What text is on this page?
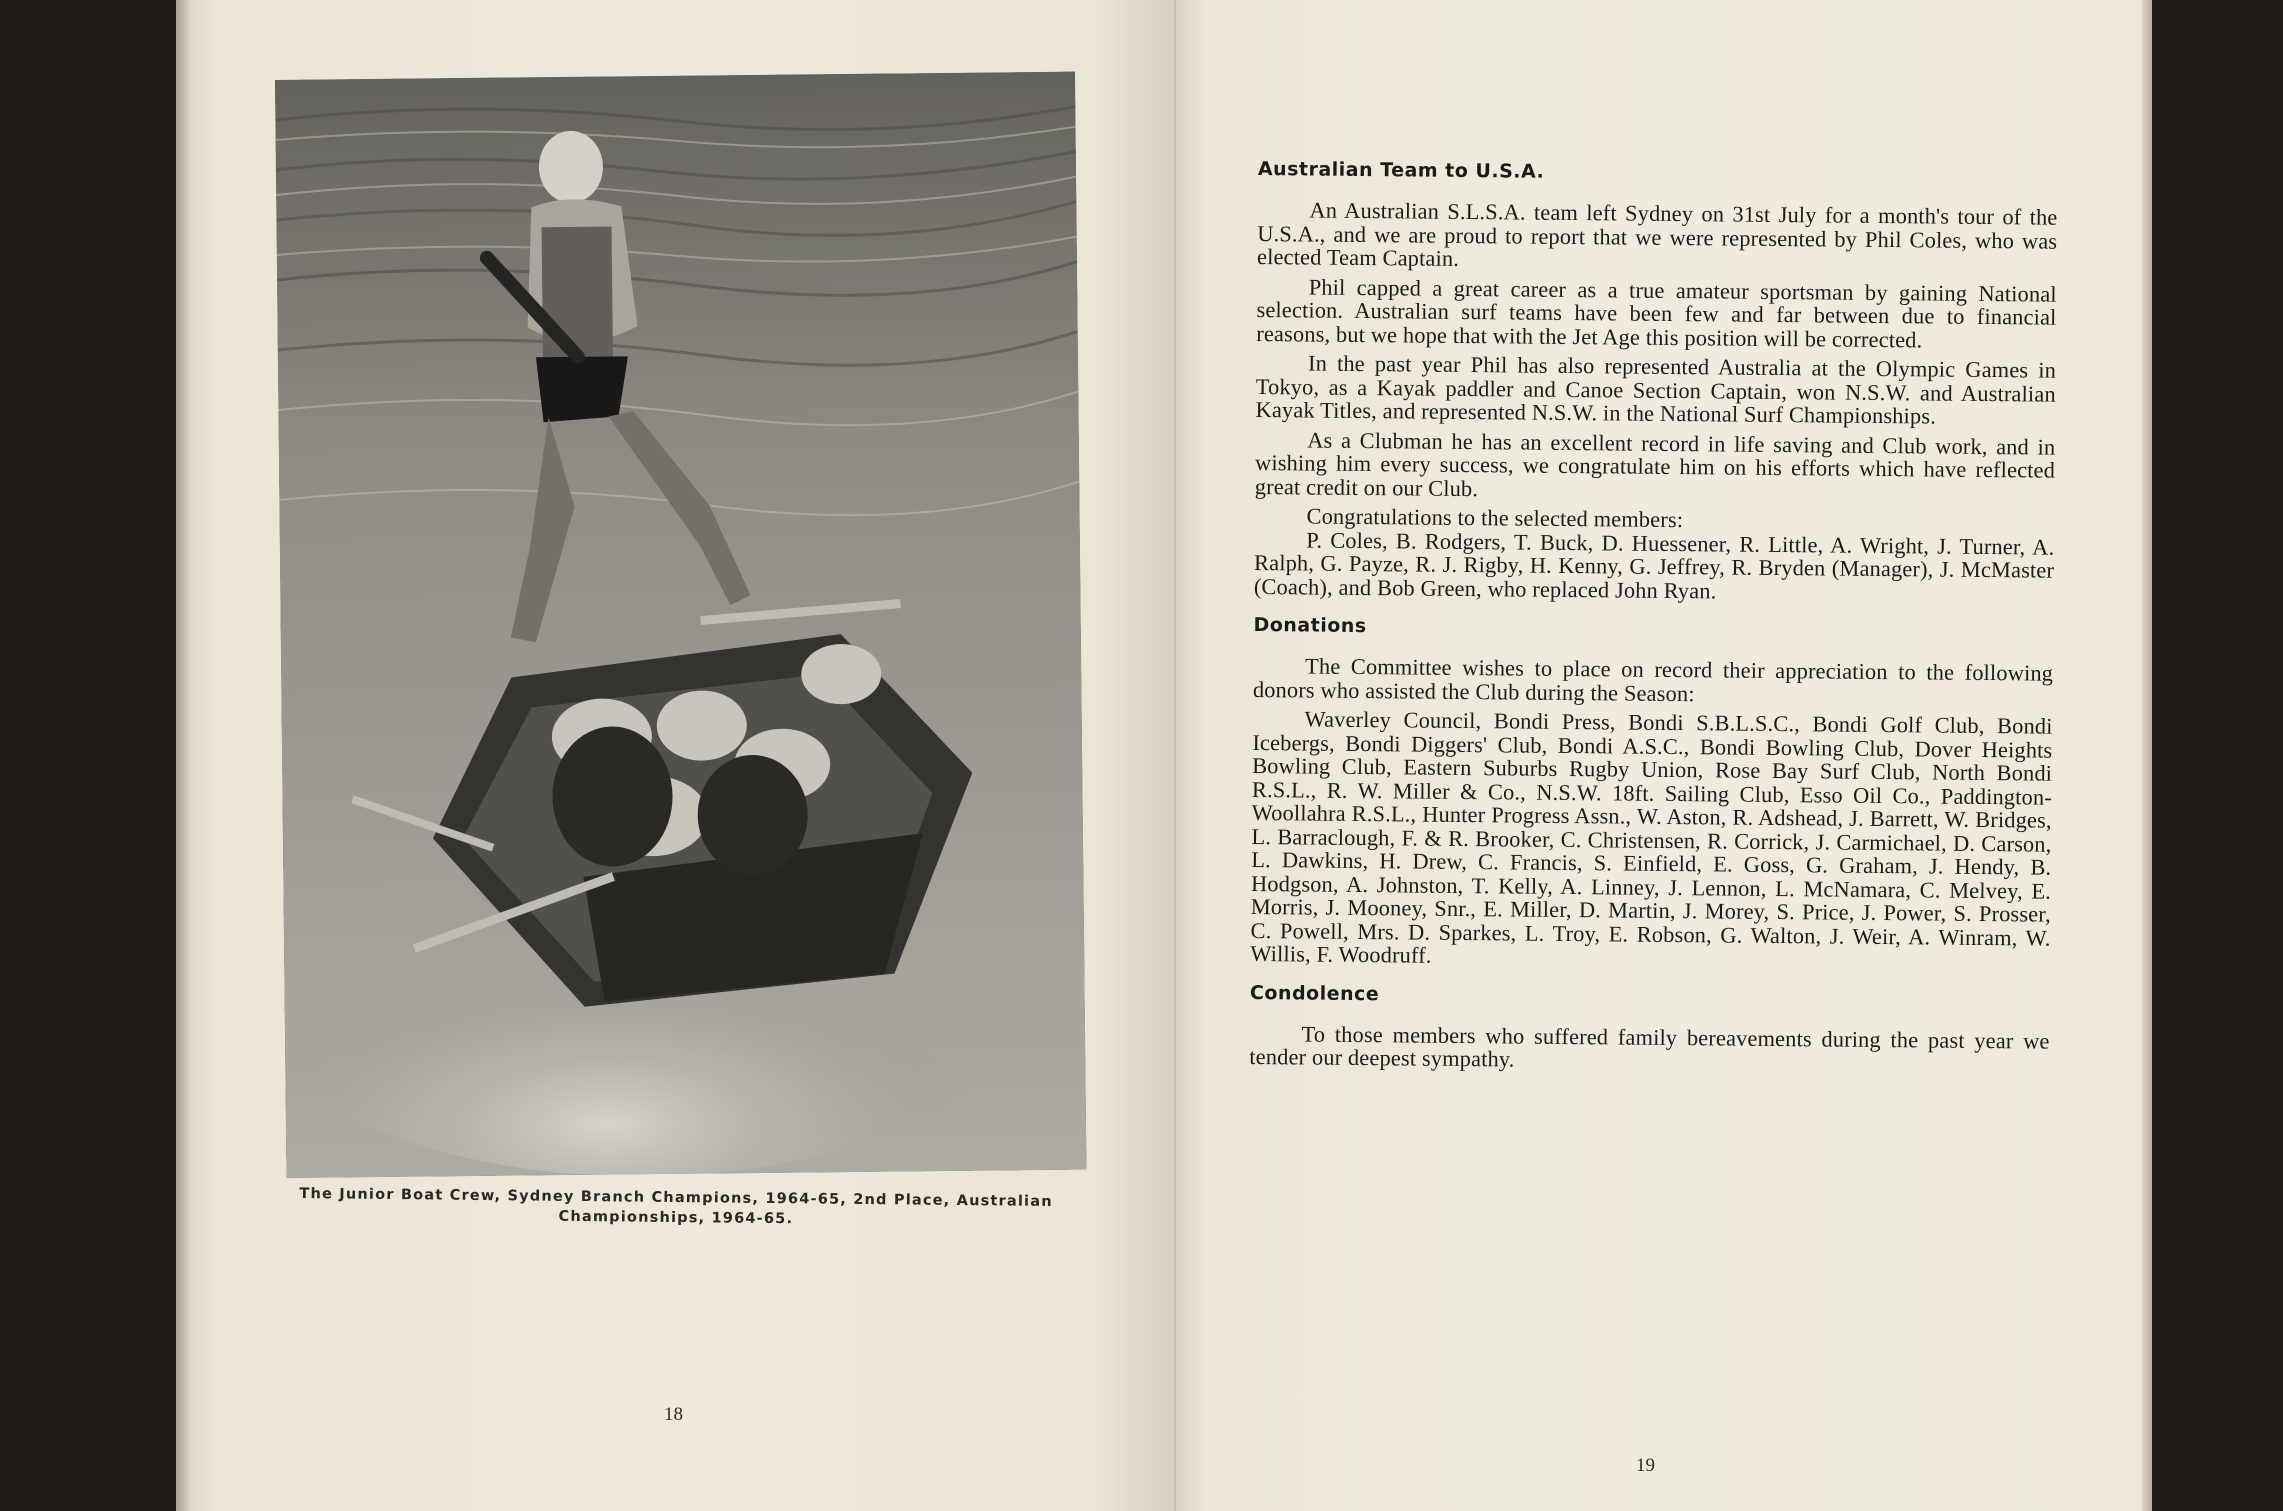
The Junior Boat Crew, Sydney Branch Champions, 1964-65, 2nd Place, Australian
Championships, 1964-65.
18
Australian Team to U.S.A.

An Australian S.L.S.A. team left Sydney on 31st July for a month's tour of the U.S.A., and we are proud to report that we were represented by Phil Coles, who was elected Team Captain.

Phil capped a great career as a true amateur sportsman by gaining National selection. Australian surf teams have been few and far between due to financial reasons, but we hope that with the Jet Age this position will be corrected.

In the past year Phil has also represented Australia at the Olympic Games in Tokyo, as a Kayak paddler and Canoe Section Captain, won N.S.W. and Australian Kayak Titles, and represented N.S.W. in the National Surf Championships.

As a Clubman he has an excellent record in life saving and Club work, and in wishing him every success, we congratulate him on his efforts which have reflected great credit on our Club.

Congratulations to the selected members:

P. Coles, B. Rodgers, T. Buck, D. Huessener, R. Little, A. Wright, J. Turner, A. Ralph, G. Payze, R. J. Rigby, H. Kenny, G. Jeffrey, R. Bryden (Manager), J. McMaster (Coach), and Bob Green, who replaced John Ryan.

Donations

The Committee wishes to place on record their appreciation to the following donors who assisted the Club during the Season:

Waverley Council, Bondi Press, Bondi S.B.L.S.C., Bondi Golf Club, Bondi Icebergs, Bondi Diggers' Club, Bondi A.S.C., Bondi Bowling Club, Dover Heights Bowling Club, Eastern Suburbs Rugby Union, Rose Bay Surf Club, North Bondi R.S.L., R. W. Miller & Co., N.S.W. 18ft. Sailing Club, Esso Oil Co., Paddington-Woollahra R.S.L., Hunter Progress Assn., W. Aston, R. Adshead, J. Barrett, W. Bridges, L. Barraclough, F. & R. Brooker, C. Christensen, R. Corrick, J. Carmichael, D. Carson, L. Dawkins, H. Drew, C. Francis, S. Einfield, E. Goss, G. Graham, J. Hendy, B. Hodgson, A. Johnston, T. Kelly, A. Linney, J. Lennon, L. McNamara, C. Melvey, E. Morris, J. Mooney, Snr., E. Miller, D. Martin, J. Morey, S. Price, J. Power, S. Prosser, C. Powell, Mrs. D. Sparkes, L. Troy, E. Robson, G. Walton, J. Weir, A. Winram, W. Willis, F. Woodruff.

Condolence

To those members who suffered family bereavements during the past year we tender our deepest sympathy.

19
